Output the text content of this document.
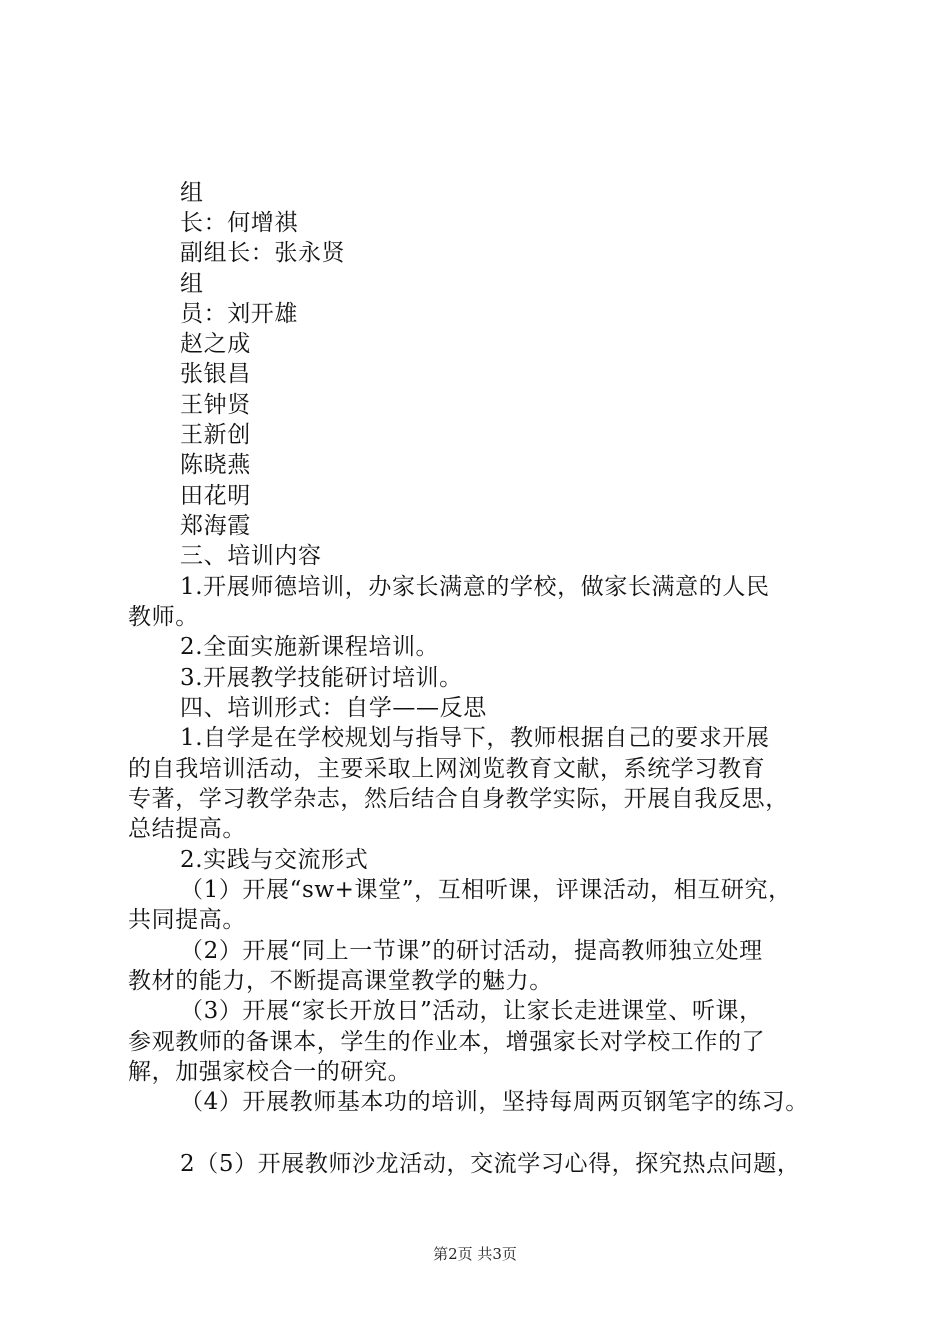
组
长：何增祺
副组长：张永贤
组
员：刘开雄
赵之成
张银昌
王钟贤
王新创
陈晓燕
田花明
郑海霞
三、培训内容
1.开展师德培训，办家长满意的学校，做家长满意的人民
教师。
2.全面实施新课程培训。
3.开展教学技能研讨培训。
四、培训形式：自学——反思
1.自学是在学校规划与指导下，教师根据自己的要求开展
的自我培训活动，主要采取上网浏览教育文献，系统学习教育
专著，学习教学杂志，然后结合自身教学实际，开展自我反思，
总结提高。
2.实践与交流形式
（1）开展“sw+课堂”，互相听课，评课活动，相互研究，
共同提高。
（2）开展“同上一节课”的研讨活动，提高教师独立处理
教材的能力，不断提高课堂教学的魅力。
（3）开展“家长开放日”活动，让家长走进课堂、听课，
参观教师的备课本，学生的作业本，增强家长对学校工作的了
解，加强家校合一的研究。
（4）开展教师基本功的培训，坚持每周两页钢笔字的练习。
2（5）开展教师沙龙活动，交流学习心得，探究热点问题，
第2页 共3页
